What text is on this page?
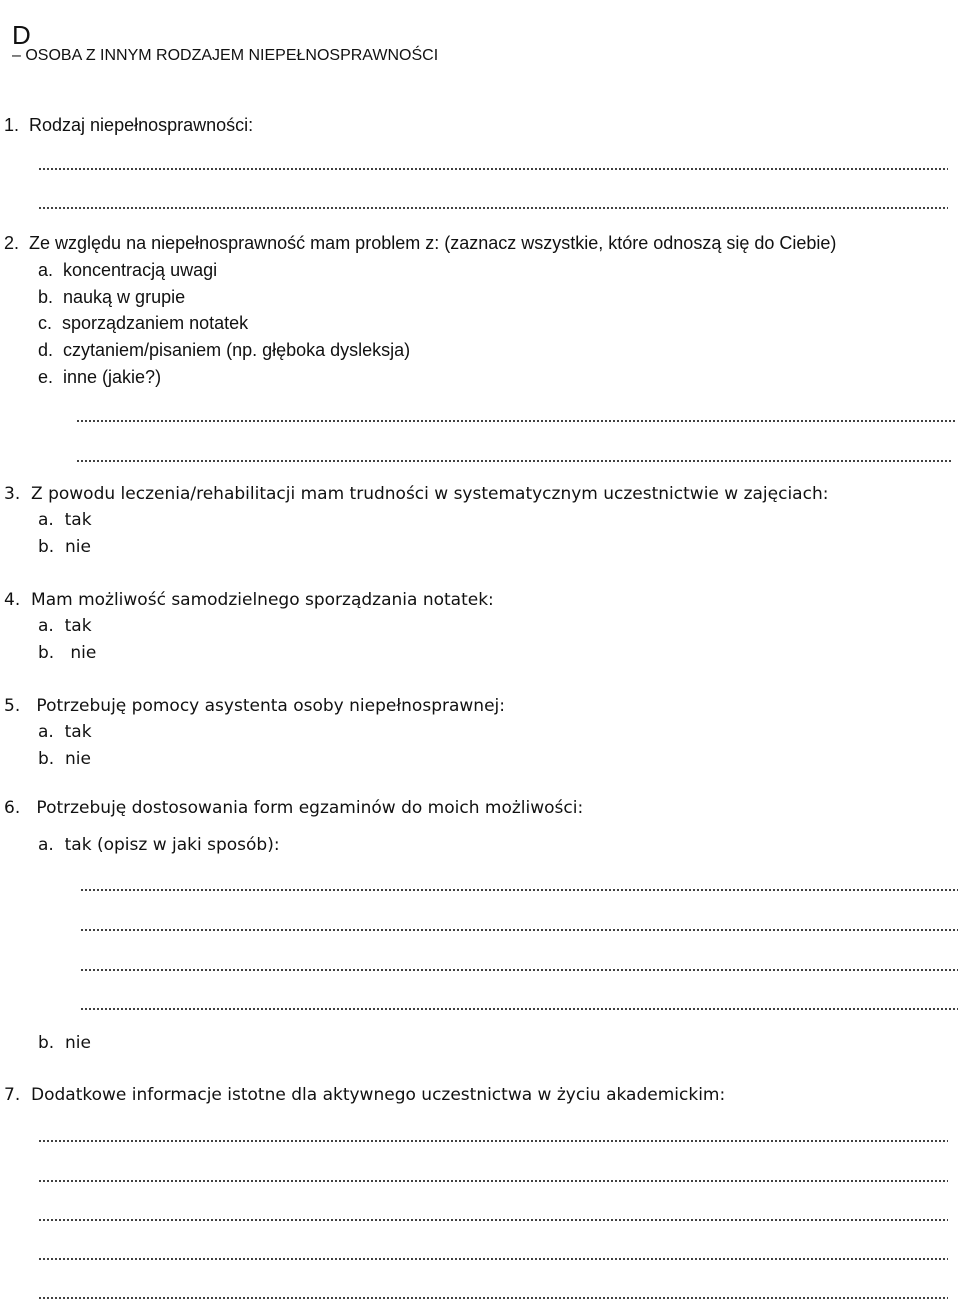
D
– OSOBA Z INNYM RODZAJEM NIEPEŁNOSPRAWNOŚCI

1.  Rodzaj niepełnosprawności:
2.  Ze względu na niepełnosprawność mam problem z: (zaznacz wszystkie, które odnoszą się do Ciebie)
a.  koncentracją uwagi
b.  nauką w grupie
c.  sporządzaniem notatek
d.  czytaniem/pisaniem (np. głęboka dysleksja)
e.  inne (jakie?)
3.  Z powodu leczenia/rehabilitacji mam trudności w systematycznym uczestnictwie w zajęciach:
a.  tak
b.  nie
4.  Mam możliwość samodzielnego sporządzania notatek:
a.  tak
b.   nie
5.   Potrzebuję pomocy asystenta osoby niepełnosprawnej:
a.  tak
b.  nie
6.   Potrzebuję dostosowania form egzaminów do moich możliwości:
a.  tak (opisz w jaki sposób):
b.  nie
7.  Dodatkowe informacje istotne dla aktywnego uczestnictwa w życiu akademickim:
